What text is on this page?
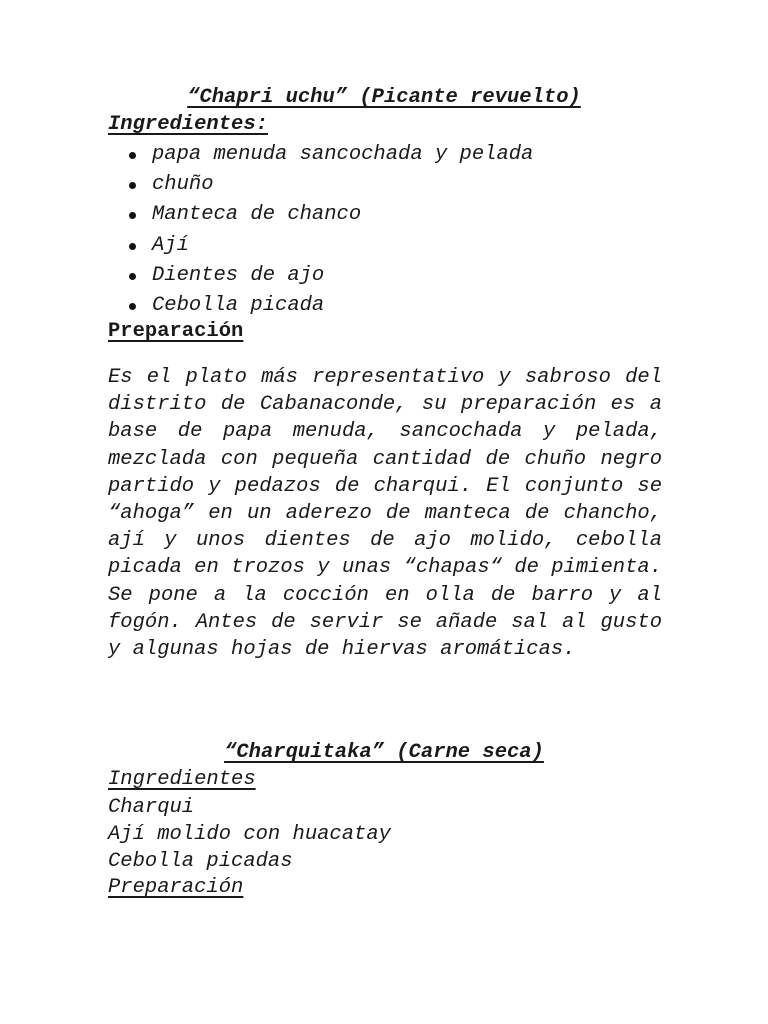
“Chapri uchu” (Picante revuelto)
Ingredientes:
papa menuda sancochada y pelada
chuño
Manteca de chanco
Ají
Dientes de ajo
Cebolla picada
Preparación

Es el plato más representativo y sabroso del distrito de Cabanaconde, su preparación es a base de papa menuda, sancochada y pelada, mezclada con pequeña cantidad de chuño negro partido y pedazos de charqui. El conjunto se “ahoga” en un aderezo de manteca de chancho, ají y unos dientes de ajo molido, cebolla picada en trozos y unas “chapas“ de pimienta. Se pone a la cocción en olla de barro y al fogón. Antes de servir se añade sal al gusto y algunas hojas de hiervas aromáticas.

“Charquitaka” (Carne seca)
Ingredientes
Charqui
Ají molido con huacatay
Cebolla picadas
Preparación
